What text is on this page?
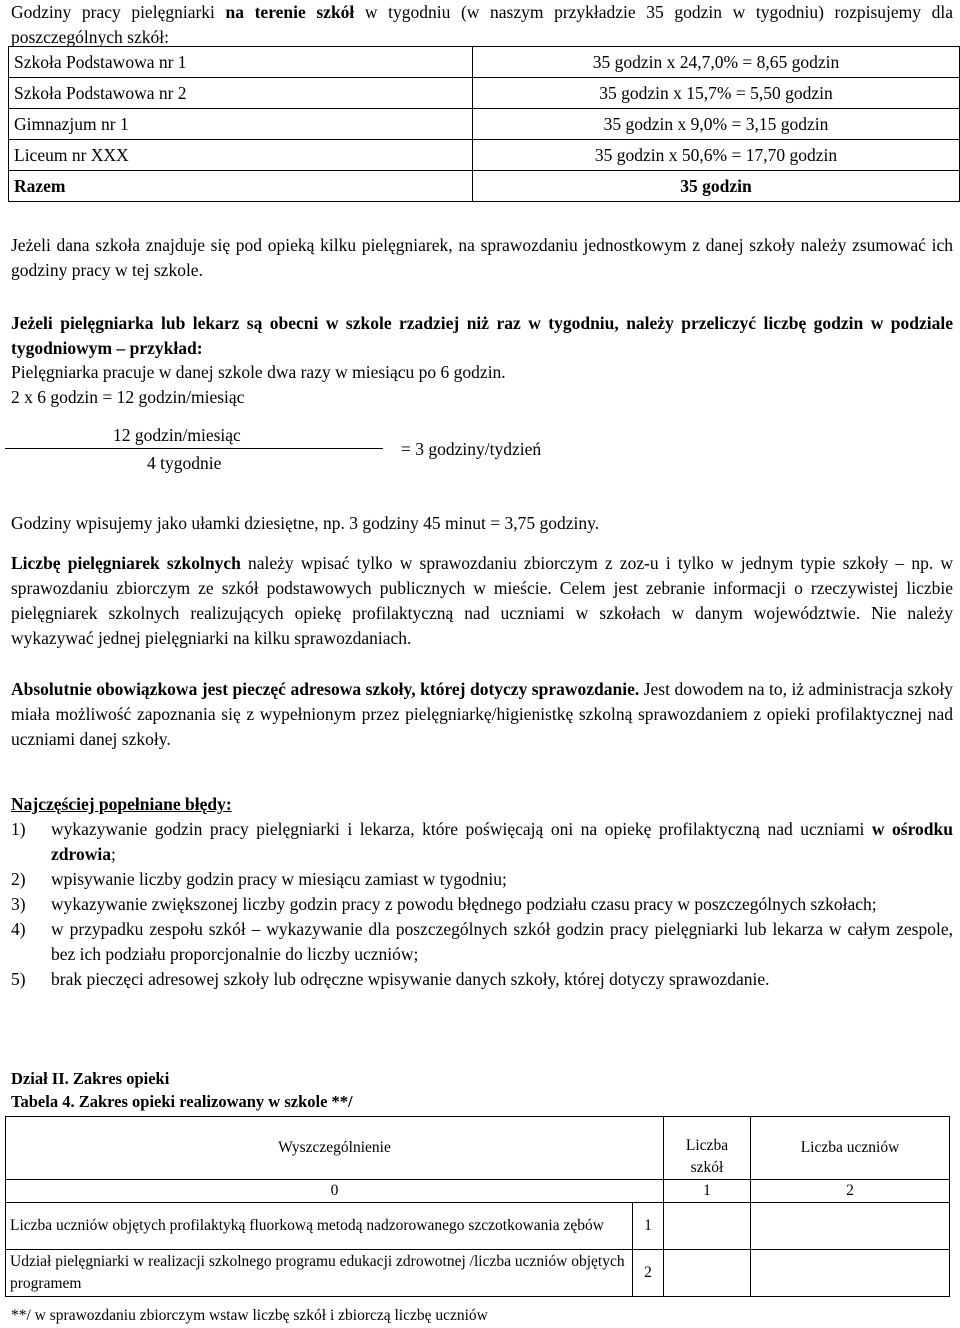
Godziny pracy pielęgniarki na terenie szkół w tygodniu (w naszym przykładzie 35 godzin w tygodniu) rozpisujemy dla poszczególnych szkół:

Szkoła Podstawowa nr 1	35 godzin x 24,7,0% = 8,65 godzin
Szkoła Podstawowa nr 2	35 godzin x 15,7% = 5,50 godzin
Gimnazjum nr 1	35 godzin x 9,0% = 3,15 godzin
Liceum nr XXX	35 godzin x 50,6% = 17,70 godzin
Razem	35 godzin

Jeżeli dana szkoła znajduje się pod opieką kilku pielęgniarek, na sprawozdaniu jednostkowym z danej szkoły należy zsumować ich godziny pracy w tej szkole.

Jeżeli pielęgniarka lub lekarz są obecni w szkole rzadziej niż raz w tygodniu, należy przeliczyć liczbę godzin w podziale tygodniowym – przykład:

Pielęgniarka pracuje w danej szkole dwa razy w miesiącu po 6 godzin.

2 x 6 godzin = 12 godzin/miesiąc

12 godzin/miesiąc
4 tygodnie
= 3 godziny/tydzień

Godziny wpisujemy jako ułamki dziesiętne, np. 3 godziny 45 minut = 3,75 godziny.

Liczbę pielęgniarek szkolnych należy wpisać tylko w sprawozdaniu zbiorczym z zoz-u i tylko w jednym typie szkoły – np. w sprawozdaniu zbiorczym ze szkół podstawowych publicznych w mieście. Celem jest zebranie informacji o rzeczywistej liczbie pielęgniarek szkolnych realizujących opiekę profilaktyczną nad uczniami w szkołach w danym województwie. Nie należy wykazywać jednej pielęgniarki na kilku sprawozdaniach.

Absolutnie obowiązkowa jest pieczęć adresowa szkoły, której dotyczy sprawozdanie. Jest dowodem na to, iż administracja szkoły miała możliwość zapoznania się z wypełnionym przez pielęgniarkę/higienistkę szkolną sprawozdaniem z opieki profilaktycznej nad uczniami danej szkoły.

Najczęściej popełniane błędy:

1) wykazywanie godzin pracy pielęgniarki i lekarza, które poświęcają oni na opiekę profilaktyczną nad uczniami w ośrodku zdrowia;
2) wpisywanie liczby godzin pracy w miesiącu zamiast w tygodniu;
3) wykazywanie zwiększonej liczby godzin pracy z powodu błędnego podziału czasu pracy w poszczególnych szkołach;
4) w przypadku zespołu szkół – wykazywanie dla poszczególnych szkół godzin pracy pielęgniarki lub lekarza w całym zespole, bez ich podziału proporcjonalnie do liczby uczniów;
5) brak pieczęci adresowej szkoły lub odręczne wpisywanie danych szkoły, której dotyczy sprawozdanie.

Dział II. Zakres opieki

Tabela 4. Zakres opieki realizowany w szkole **/

Wyszczególnienie		Liczba szkół	Liczba uczniów
0		1	2
Liczba uczniów objętych profilaktyką fluorkową metodą nadzorowanego szczotkowania zębów	1		
Udział pielęgniarki w realizacji szkolnego programu edukacji zdrowotnej /liczba uczniów objętych programem	2		
**/ w sprawozdaniu zbiorczym wstaw liczbę szkół i zbiorczą liczbę uczniów
